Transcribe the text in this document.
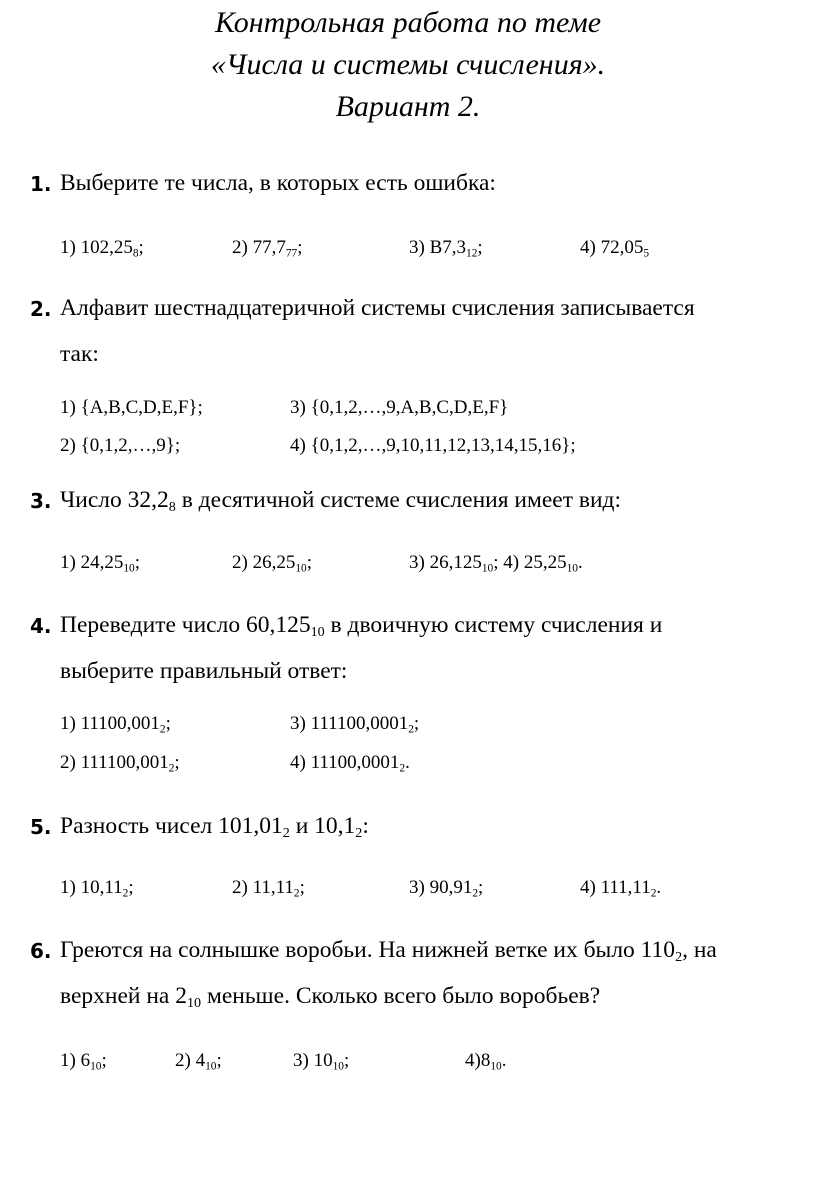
Контрольная работа по теме
«Числа и системы счисления».
Вариант 2.
1. Выберите те числа, в которых есть ошибка:
1) $102,25_8$;	2) $77,7_{77}$;	3) $B7,3_{12}$;	4) $72,05_5$
2. Алфавит шестнадцатеричной системы счисления записывается
так:
1) {A,B,C,D,E,F};	3) {0,1,2,…,9,A,B,C,D,E,F}
2) {0,1,2,…,9};	4) {0,1,2,…,9,10,11,12,13,14,15,16};
3. Число $32,2_8$ в десятичной системе счисления имеет вид:
1) $24,25_{10}$;	2) $26,25_{10}$;	3) $26,125_{10}$; 4) $25,25_{10}$.
4. Переведите число $60,125_{10}$ в двоичную систему счисления и
выберите правильный ответ:
1) $11100,001_2$;	3) $111100,0001_2$;
2) $111100,001_2$;	4) $11100,0001_2$.
5. Разность чисел $101,01_2$ и $10,1_2$:
1) $10,11_2$;	2) $11,11_2$;	3) $90,91_2$;	4) $111,11_2$.
6. Греются на солнышке воробьи. На нижней ветке их было $110_2$, на
верхней на $2_{10}$ меньше. Сколько всего было воробьев?
1) $6_{10}$;	2) $4_{10}$;	3) $10_{10}$;	$4)8_{10}$.
